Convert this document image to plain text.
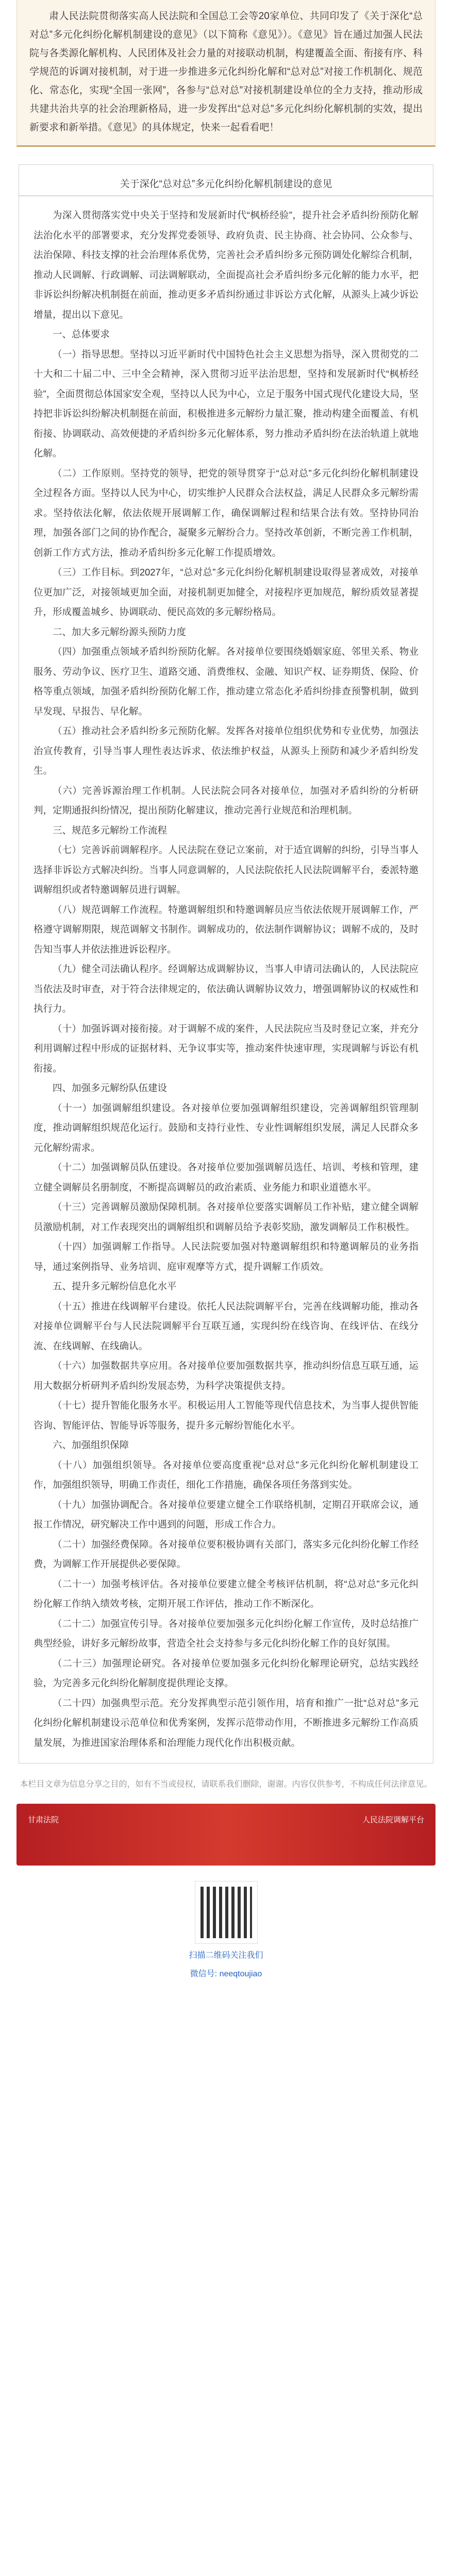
肃人民法院贯彻落实高人民法院和全国总工会等20家单位、共同印发了《关于深化“总对总”多元化纠纷化解机制建设的意见》（以下简称《意见》）。《意见》旨在通过加强人民法院与各类源化解机构、人民团体及社会力量的对接联动机制，构建覆盖全面、衔接有序、科学规范的诉调对接机制，对于进一步推进多元化纠纷化解和“总对总”对接工作机制化、规范化、常态化，实现“全国一张网”，各参与“总对总”对接机制建设单位的全力支持，推动形成共建共治共享的社会治理新格局，进一步发挥出“总对总”多元化纠纷化解机制的实效，提出新要求和新举措。《意见》的具体规定，快来一起看看吧！

关于深化“总对总”多元化纠纷化解机制建设的意见

为深入贯彻落实党中央关于坚持和发展新时代“枫桥经验”，提升社会矛盾纠纷预防化解法治化水平的部署要求，充分发挥党委领导、政府负责、民主协商、社会协同、公众参与、法治保障、科技支撑的社会治理体系优势，完善社会矛盾纠纷多元预防调处化解综合机制，推动人民调解、行政调解、司法调解联动，全面提高社会矛盾纠纷多元化解的能力水平，把非诉讼纠纷解决机制挺在前面，推动更多矛盾纠纷通过非诉讼方式化解，从源头上减少诉讼增量，提出以下意见。

一、总体要求

（一）指导思想。坚持以习近平新时代中国特色社会主义思想为指导，深入贯彻党的二十大和二十届二中、三中全会精神，深入贯彻习近平法治思想，坚持和发展新时代“枫桥经验”，全面贯彻总体国家安全观，坚持以人民为中心，立足于服务中国式现代化建设大局，坚持把非诉讼纠纷解决机制挺在前面，积极推进多元解纷力量汇聚，推动构建全面覆盖、有机衔接、协调联动、高效便捷的矛盾纠纷多元化解体系，努力推动矛盾纠纷在法治轨道上就地化解。

（二）工作原则。坚持党的领导，把党的领导贯穿于“总对总”多元化纠纷化解机制建设全过程各方面。坚持以人民为中心，切实维护人民群众合法权益，满足人民群众多元解纷需求。坚持依法化解，依法依规开展调解工作，确保调解过程和结果合法有效。坚持协同治理，加强各部门之间的协作配合，凝聚多元解纷合力。坚持改革创新，不断完善工作机制，创新工作方式方法，推动矛盾纠纷多元化解工作提质增效。

（三）工作目标。到2027年，“总对总”多元化纠纷化解机制建设取得显著成效，对接单位更加广泛，对接领域更加全面，对接机制更加健全，对接程序更加规范，解纷质效显著提升，形成覆盖城乡、协调联动、便民高效的多元解纷格局。

二、加大多元解纷源头预防力度

（四）加强重点领域矛盾纠纷预防化解。各对接单位要围绕婚姻家庭、邻里关系、物业服务、劳动争议、医疗卫生、道路交通、消费维权、金融、知识产权、证券期货、保险、价格等重点领域，加强矛盾纠纷预防化解工作，推动建立常态化矛盾纠纷排查预警机制，做到早发现、早报告、早化解。

（五）推动社会矛盾纠纷多元预防化解。发挥各对接单位组织优势和专业优势，加强法治宣传教育，引导当事人理性表达诉求、依法维护权益，从源头上预防和减少矛盾纠纷发生。

（六）完善诉源治理工作机制。人民法院会同各对接单位，加强对矛盾纠纷的分析研判，定期通报纠纷情况，提出预防化解建议，推动完善行业规范和治理机制。

三、规范多元解纷工作流程

（七）完善诉前调解程序。人民法院在登记立案前，对于适宜调解的纠纷，引导当事人选择非诉讼方式解决纠纷。当事人同意调解的，人民法院依托人民法院调解平台，委派特邀调解组织或者特邀调解员进行调解。

（八）规范调解工作流程。特邀调解组织和特邀调解员应当依法依规开展调解工作，严格遵守调解期限，规范调解文书制作。调解成功的，依法制作调解协议；调解不成的，及时告知当事人并依法推进诉讼程序。

（九）健全司法确认程序。经调解达成调解协议，当事人申请司法确认的，人民法院应当依法及时审查，对于符合法律规定的，依法确认调解协议效力，增强调解协议的权威性和执行力。

（十）加强诉调对接衔接。对于调解不成的案件，人民法院应当及时登记立案，并充分利用调解过程中形成的证据材料、无争议事实等，推动案件快速审理，实现调解与诉讼有机衔接。

四、加强多元解纷队伍建设

（十一）加强调解组织建设。各对接单位要加强调解组织建设，完善调解组织管理制度，推动调解组织规范化运行。鼓励和支持行业性、专业性调解组织发展，满足人民群众多元化解纷需求。

（十二）加强调解员队伍建设。各对接单位要加强调解员选任、培训、考核和管理，建立健全调解员名册制度，不断提高调解员的政治素质、业务能力和职业道德水平。

（十三）完善调解员激励保障机制。各对接单位要落实调解员工作补贴，建立健全调解员激励机制，对工作表现突出的调解组织和调解员给予表彰奖励，激发调解员工作积极性。

（十四）加强调解工作指导。人民法院要加强对特邀调解组织和特邀调解员的业务指导，通过案例指导、业务培训、庭审观摩等方式，提升调解工作质效。

五、提升多元解纷信息化水平

（十五）推进在线调解平台建设。依托人民法院调解平台，完善在线调解功能，推动各对接单位调解平台与人民法院调解平台互联互通，实现纠纷在线咨询、在线评估、在线分流、在线调解、在线确认。

（十六）加强数据共享应用。各对接单位要加强数据共享，推动纠纷信息互联互通，运用大数据分析研判矛盾纠纷发展态势，为科学决策提供支持。

（十七）提升智能化服务水平。积极运用人工智能等现代信息技术，为当事人提供智能咨询、智能评估、智能导诉等服务，提升多元解纷智能化水平。

六、加强组织保障

（十八）加强组织领导。各对接单位要高度重视“总对总”多元化纠纷化解机制建设工作，加强组织领导，明确工作责任，细化工作措施，确保各项任务落到实处。

（十九）加强协调配合。各对接单位要建立健全工作联络机制，定期召开联席会议，通报工作情况，研究解决工作中遇到的问题，形成工作合力。

（二十）加强经费保障。各对接单位要积极协调有关部门，落实多元化纠纷化解工作经费，为调解工作开展提供必要保障。

（二十一）加强考核评估。各对接单位要建立健全考核评估机制，将“总对总”多元化纠纷化解工作纳入绩效考核，定期开展工作评估，推动工作不断深化。

（二十二）加强宣传引导。各对接单位要加强多元化纠纷化解工作宣传，及时总结推广典型经验，讲好多元解纷故事，营造全社会支持参与多元化纠纷化解工作的良好氛围。

（二十三）加强理论研究。各对接单位要加强多元化纠纷化解理论研究，总结实践经验，为完善多元化纠纷化解制度提供理论支撑。

（二十四）加强典型示范。充分发挥典型示范引领作用，培育和推广一批“总对总”多元化纠纷化解机制建设示范单位和优秀案例，发挥示范带动作用，不断推进多元解纷工作高质量发展，为推进国家治理体系和治理能力现代化作出积极贡献。

本栏目文章为信息分享之目的，如有不当或侵权，请联系我们删除，谢谢。内容仅供参考，不构成任何法律意见。
甘肃法院	人民法院调解平台
扫描二维码关注我们
微信号: neeqtoujiao
